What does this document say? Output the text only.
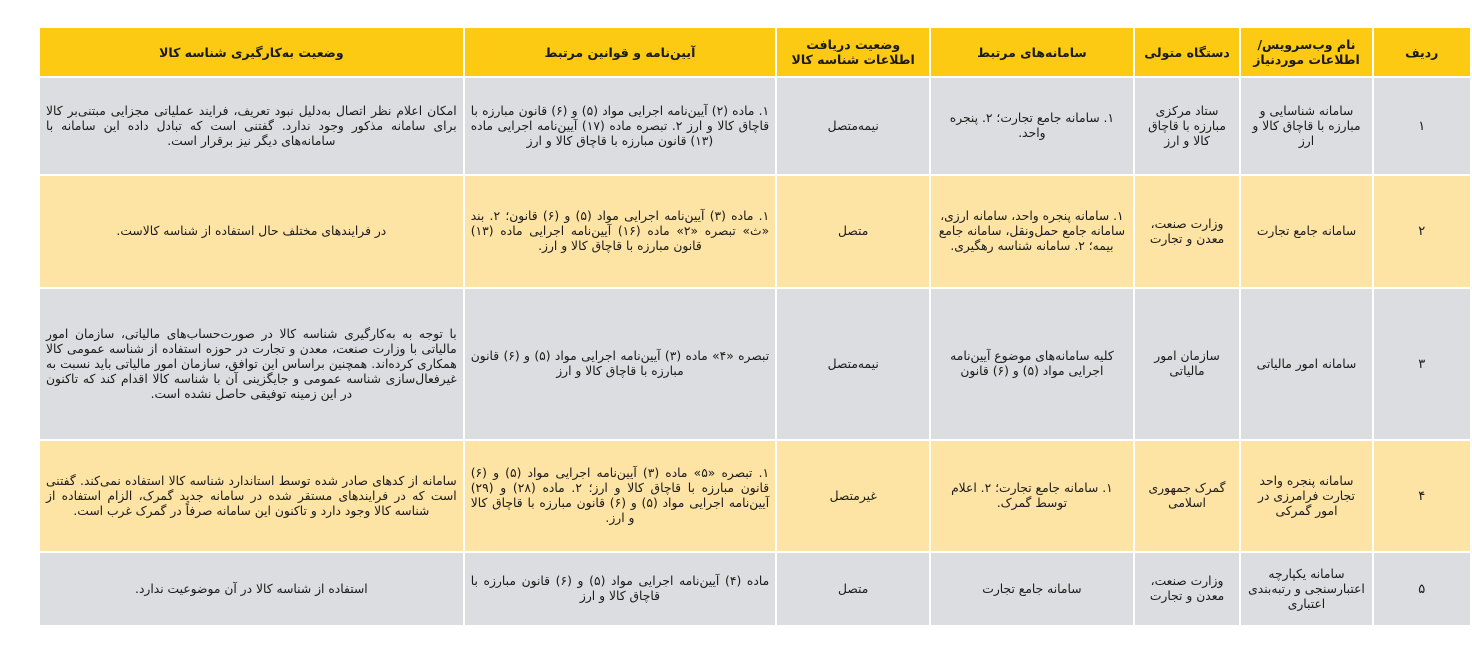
ردیف	نام وب‌سرویس/ اطلاعات موردنیاز	دستگاه متولی	سامانه‌های مرتبط	وضعیت دریافت اطلاعات شناسه کالا	آیین‌نامه و قوانین مرتبط	وضعیت به‌کارگیری شناسه کالا
۱	سامانه شناسایی و مبارزه با قاچاق کالا و ارز	ستاد مرکزی مبارزه با قاچاق کالا و ارز	۱. سامانه جامع تجارت؛ ۲. پنجره واحد.	نیمه‌متصل	۱. ماده (۲) آیین‌نامه اجرایی مواد (۵) و (۶) قانون مبارزه با قاچاق کالا و ارز ۲. تبصره ماده (۱۷) آیین‌نامه اجرایی ماده (۱۳) قانون مبارزه با قاچاق کالا و ارز	امکان اعلام نظر اتصال به‌دلیل نبود تعریف، فرایند عملیاتی مجزایی مبتنی‌بر کالا برای سامانه مذکور وجود ندارد. گفتنی است که تبادل داده این سامانه با سامانه‌های دیگر نیز برقرار است.
۲	سامانه جامع تجارت	وزارت صنعت، معدن و تجارت	۱. سامانه پنجره واحد، سامانه ارزی، سامانه جامع حمل‌ونقل، سامانه جامع بیمه؛ ۲. سامانه شناسه رهگیری.	متصل	۱. ماده (۳) آیین‌نامه اجرایی مواد (۵) و (۶) قانون؛ ۲. بند «ث» تبصره «۲» ماده (۱۶) آیین‌نامه اجرایی ماده (۱۳) قانون مبارزه با قاچاق کالا و ارز.	در فرایندهای مختلف حال استفاده از شناسه کالاست.
۳	سامانه امور مالیاتی	سازمان امور مالیاتی	کلیه سامانه‌های موضوع آیین‌نامه اجرایی مواد (۵) و (۶) قانون	نیمه‌متصل	تبصره «۴» ماده (۳) آیین‌نامه اجرایی مواد (۵) و (۶) قانون مبارزه با قاچاق کالا و ارز	با توجه به به‌کارگیری شناسه کالا در صورت‌حساب‌های مالیاتی، سازمان امور مالیاتی با وزارت صنعت، معدن و تجارت در حوزه استفاده از شناسه عمومی کالا همکاری کرده‌اند. همچنین براساس این توافق، سازمان امور مالیاتی باید نسبت به غیرفعال‌سازی شناسه عمومی و جایگزینی آن با شناسه کالا اقدام کند که تاکنون در این زمینه توفیقی حاصل نشده است.
۴	سامانه پنجره واحد تجارت فرامرزی در امور گمرکی	گمرک جمهوری اسلامی	۱. سامانه جامع تجارت؛ ۲. اعلام توسط گمرک.	غیرمتصل	۱. تبصره «۵» ماده (۳) آیین‌نامه اجرایی مواد (۵) و (۶) قانون مبارزه با قاچاق کالا و ارز؛ ۲. ماده (۲۸) و (۲۹) آیین‌نامه اجرایی مواد (۵) و (۶) قانون مبارزه با قاچاق کالا و ارز.	سامانه از کدهای صادر شده توسط استاندارد شناسه کالا استفاده نمی‌کند. گفتنی است که در فرایندهای مستقر شده در سامانه جدید گمرک، الزام استفاده از شناسه کالا وجود دارد و تاکنون این سامانه صرفاً در گمرک غرب است.
۵	سامانه یکپارچه اعتبارسنجی و رتبه‌بندی اعتباری	وزارت صنعت، معدن و تجارت	سامانه جامع تجارت	متصل	ماده (۴) آیین‌نامه اجرایی مواد (۵) و (۶) قانون مبارزه با قاچاق کالا و ارز	استفاده از شناسه کالا در آن موضوعیت ندارد.
